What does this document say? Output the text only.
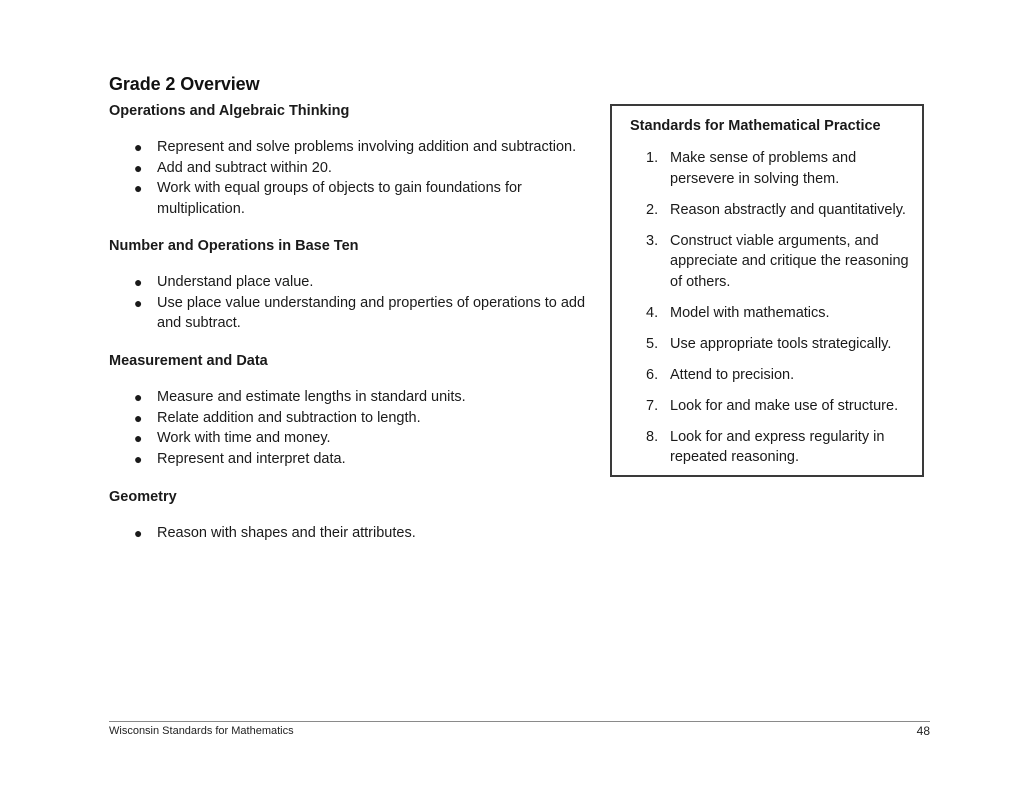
Grade 2 Overview
Operations and Algebraic Thinking
● Represent and solve problems involving addition and subtraction.
● Add and subtract within 20.
● Work with equal groups of objects to gain foundations for multiplication.
Number and Operations in Base Ten
● Understand place value.
● Use place value understanding and properties of operations to add and subtract.
Measurement and Data
● Measure and estimate lengths in standard units.
● Relate addition and subtraction to length.
● Work with time and money.
● Represent and interpret data.
Geometry
● Reason with shapes and their attributes.
Standards for Mathematical Practice
1. Make sense of problems and persevere in solving them.
2. Reason abstractly and quantitatively.
3. Construct viable arguments, and appreciate and critique the reasoning of others.
4. Model with mathematics.
5. Use appropriate tools strategically.
6. Attend to precision.
7. Look for and make use of structure.
8. Look for and express regularity in repeated reasoning.
Wisconsin Standards for Mathematics	48
